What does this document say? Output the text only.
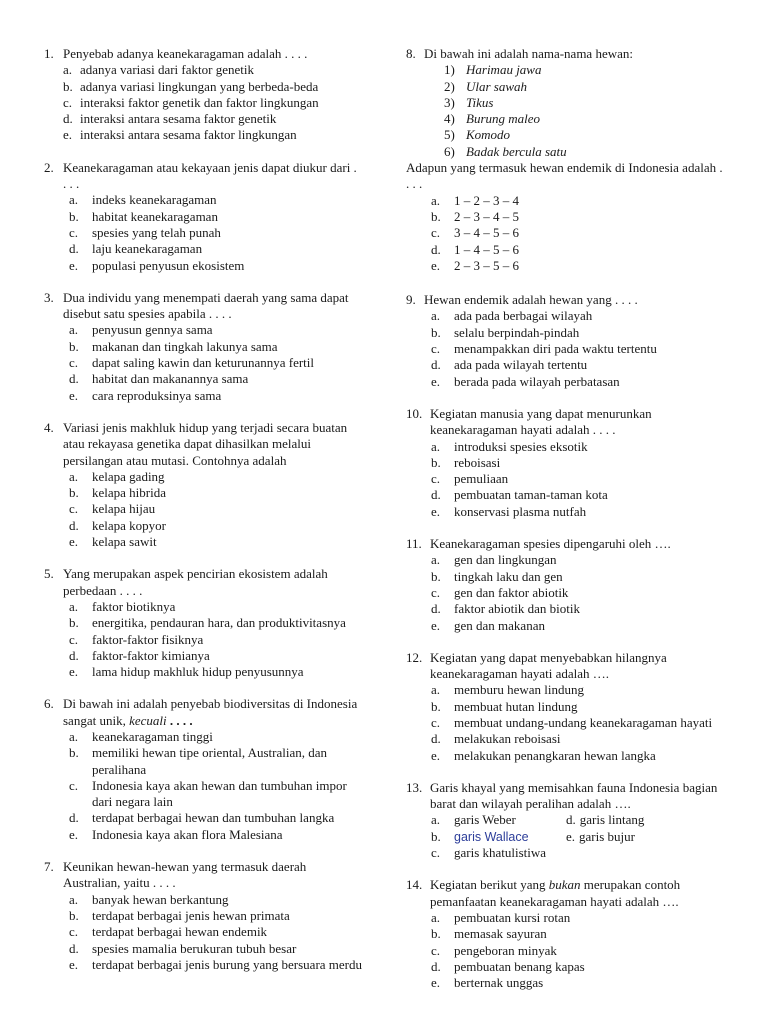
1. Penyebab adanya keanekaragaman adalah . . . .
a. adanya variasi dari faktor genetik
b. adanya variasi lingkungan yang berbeda-beda
c. interaksi faktor genetik dan faktor lingkungan
d. interaksi antara sesama faktor genetik
e. interaksi antara sesama faktor lingkungan
2. Keanekaragaman atau kekayaan jenis dapat diukur dari . . . .
a. indeks keanekaragaman
b. habitat keanekaragaman
c. spesies yang telah punah
d. laju keanekaragaman
e. populasi penyusun ekosistem
3. Dua individu yang menempati daerah yang sama dapat disebut satu spesies apabila . . . .
a. penyusun gennya sama
b. makanan dan tingkah lakunya sama
c. dapat saling kawin dan keturunannya fertil
d. habitat dan makanannya sama
e. cara reproduksinya sama
4. Variasi jenis makhluk hidup yang terjadi secara buatan atau rekayasa genetika dapat dihasilkan melalui persilangan atau mutasi. Contohnya adalah
a. kelapa gading
b. kelapa hibrida
c. kelapa hijau
d. kelapa kopyor
e. kelapa sawit
5. Yang merupakan aspek pencirian ekosistem adalah perbedaan . . . .
a. faktor biotiknya
b. energitika, pendauran hara, dan produktivitasnya
c. faktor-faktor fisiknya
d. faktor-faktor kimianya
e. lama hidup makhluk hidup penyusunnya
6. Di bawah ini adalah penyebab biodiversitas di Indonesia sangat unik, kecuali . . . .
a. keanekaragaman tinggi
b. memiliki hewan tipe oriental, Australian, dan peralihana
c. Indonesia kaya akan hewan dan tumbuhan impor dari negara lain
d. terdapat berbagai hewan dan tumbuhan langka
e. Indonesia kaya akan flora Malesiana
7. Keunikan hewan-hewan yang termasuk daerah Australian, yaitu . . . .
a. banyak hewan berkantung
b. terdapat berbagai jenis hewan primata
c. terdapat berbagai hewan endemik
d. spesies mamalia berukuran tubuh besar
e. terdapat berbagai jenis burung yang bersuara merdu
8. Di bawah ini adalah nama-nama hewan:
1) Harimau jawa
2) Ular sawah
3) Tikus
4) Burung maleo
5) Komodo
6) Badak bercula satu
Adapun yang termasuk hewan endemik di Indonesia adalah . . . .
a. 1 – 2 – 3 – 4
b. 2 – 3 – 4 – 5
c. 3 – 4 – 5 – 6
d. 1 – 4 – 5 – 6
e. 2 – 3 – 5 – 6
9. Hewan endemik adalah hewan yang . . . .
a. ada pada berbagai wilayah
b. selalu berpindah-pindah
c. menampakkan diri pada waktu tertentu
d. ada pada wilayah tertentu
e. berada pada wilayah perbatasan
10. Kegiatan manusia yang dapat menurunkan keanekaragaman hayati adalah . . . .
a. introduksi spesies eksotik
b. reboisasi
c. pemuliaan
d. pembuatan taman-taman kota
e. konservasi plasma nutfah
11. Keanekaragaman spesies dipengaruhi oleh ….
a. gen dan lingkungan
b. tingkah laku dan gen
c. gen dan faktor abiotik
d. faktor abiotik dan biotik
e. gen dan makanan
12. Kegiatan yang dapat menyebabkan hilangnya keanekaragaman hayati adalah ….
a. memburu hewan lindung
b. membuat hutan lindung
c. membuat undang-undang keanekaragaman hayati
d. melakukan reboisasi
e. melakukan penangkaran hewan langka
13. Garis khayal yang memisahkan fauna Indonesia bagian barat dan wilayah peralihan adalah ….
a. garis Weber	d. garis lintang
b. garis Wallace	e. garis bujur
c. garis khatulistiwa
14. Kegiatan berikut yang bukan merupakan contoh pemanfaatan keanekaragaman hayati adalah ….
a. pembuatan kursi rotan
b. memasak sayuran
c. pengeboran minyak
d. pembuatan benang kapas
e. berternak unggas
